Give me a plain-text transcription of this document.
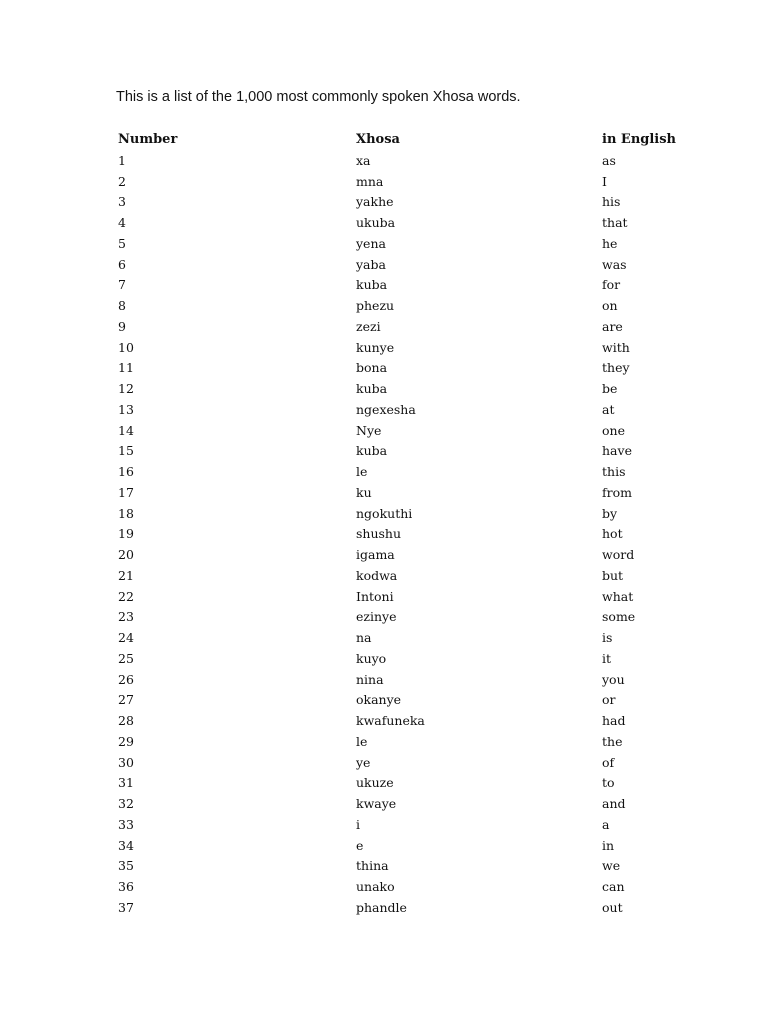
This is a list of the 1,000 most commonly spoken Xhosa words.
Number	Xhosa	in English
1	xa	as
2	mna	I
3	yakhe	his
4	ukuba	that
5	yena	he
6	yaba	was
7	kuba	for
8	phezu	on
9	zezi	are
10	kunye	with
11	bona	they
12	kuba	be
13	ngexesha	at
14	Nye	one
15	kuba	have
16	le	this
17	ku	from
18	ngokuthi	by
19	shushu	hot
20	igama	word
21	kodwa	but
22	Intoni	what
23	ezinye	some
24	na	is
25	kuyo	it
26	nina	you
27	okanye	or
28	kwafuneka	had
29	le	the
30	ye	of
31	ukuze	to
32	kwaye	and
33	i	a
34	e	in
35	thina	we
36	unako	can
37	phandle	out
